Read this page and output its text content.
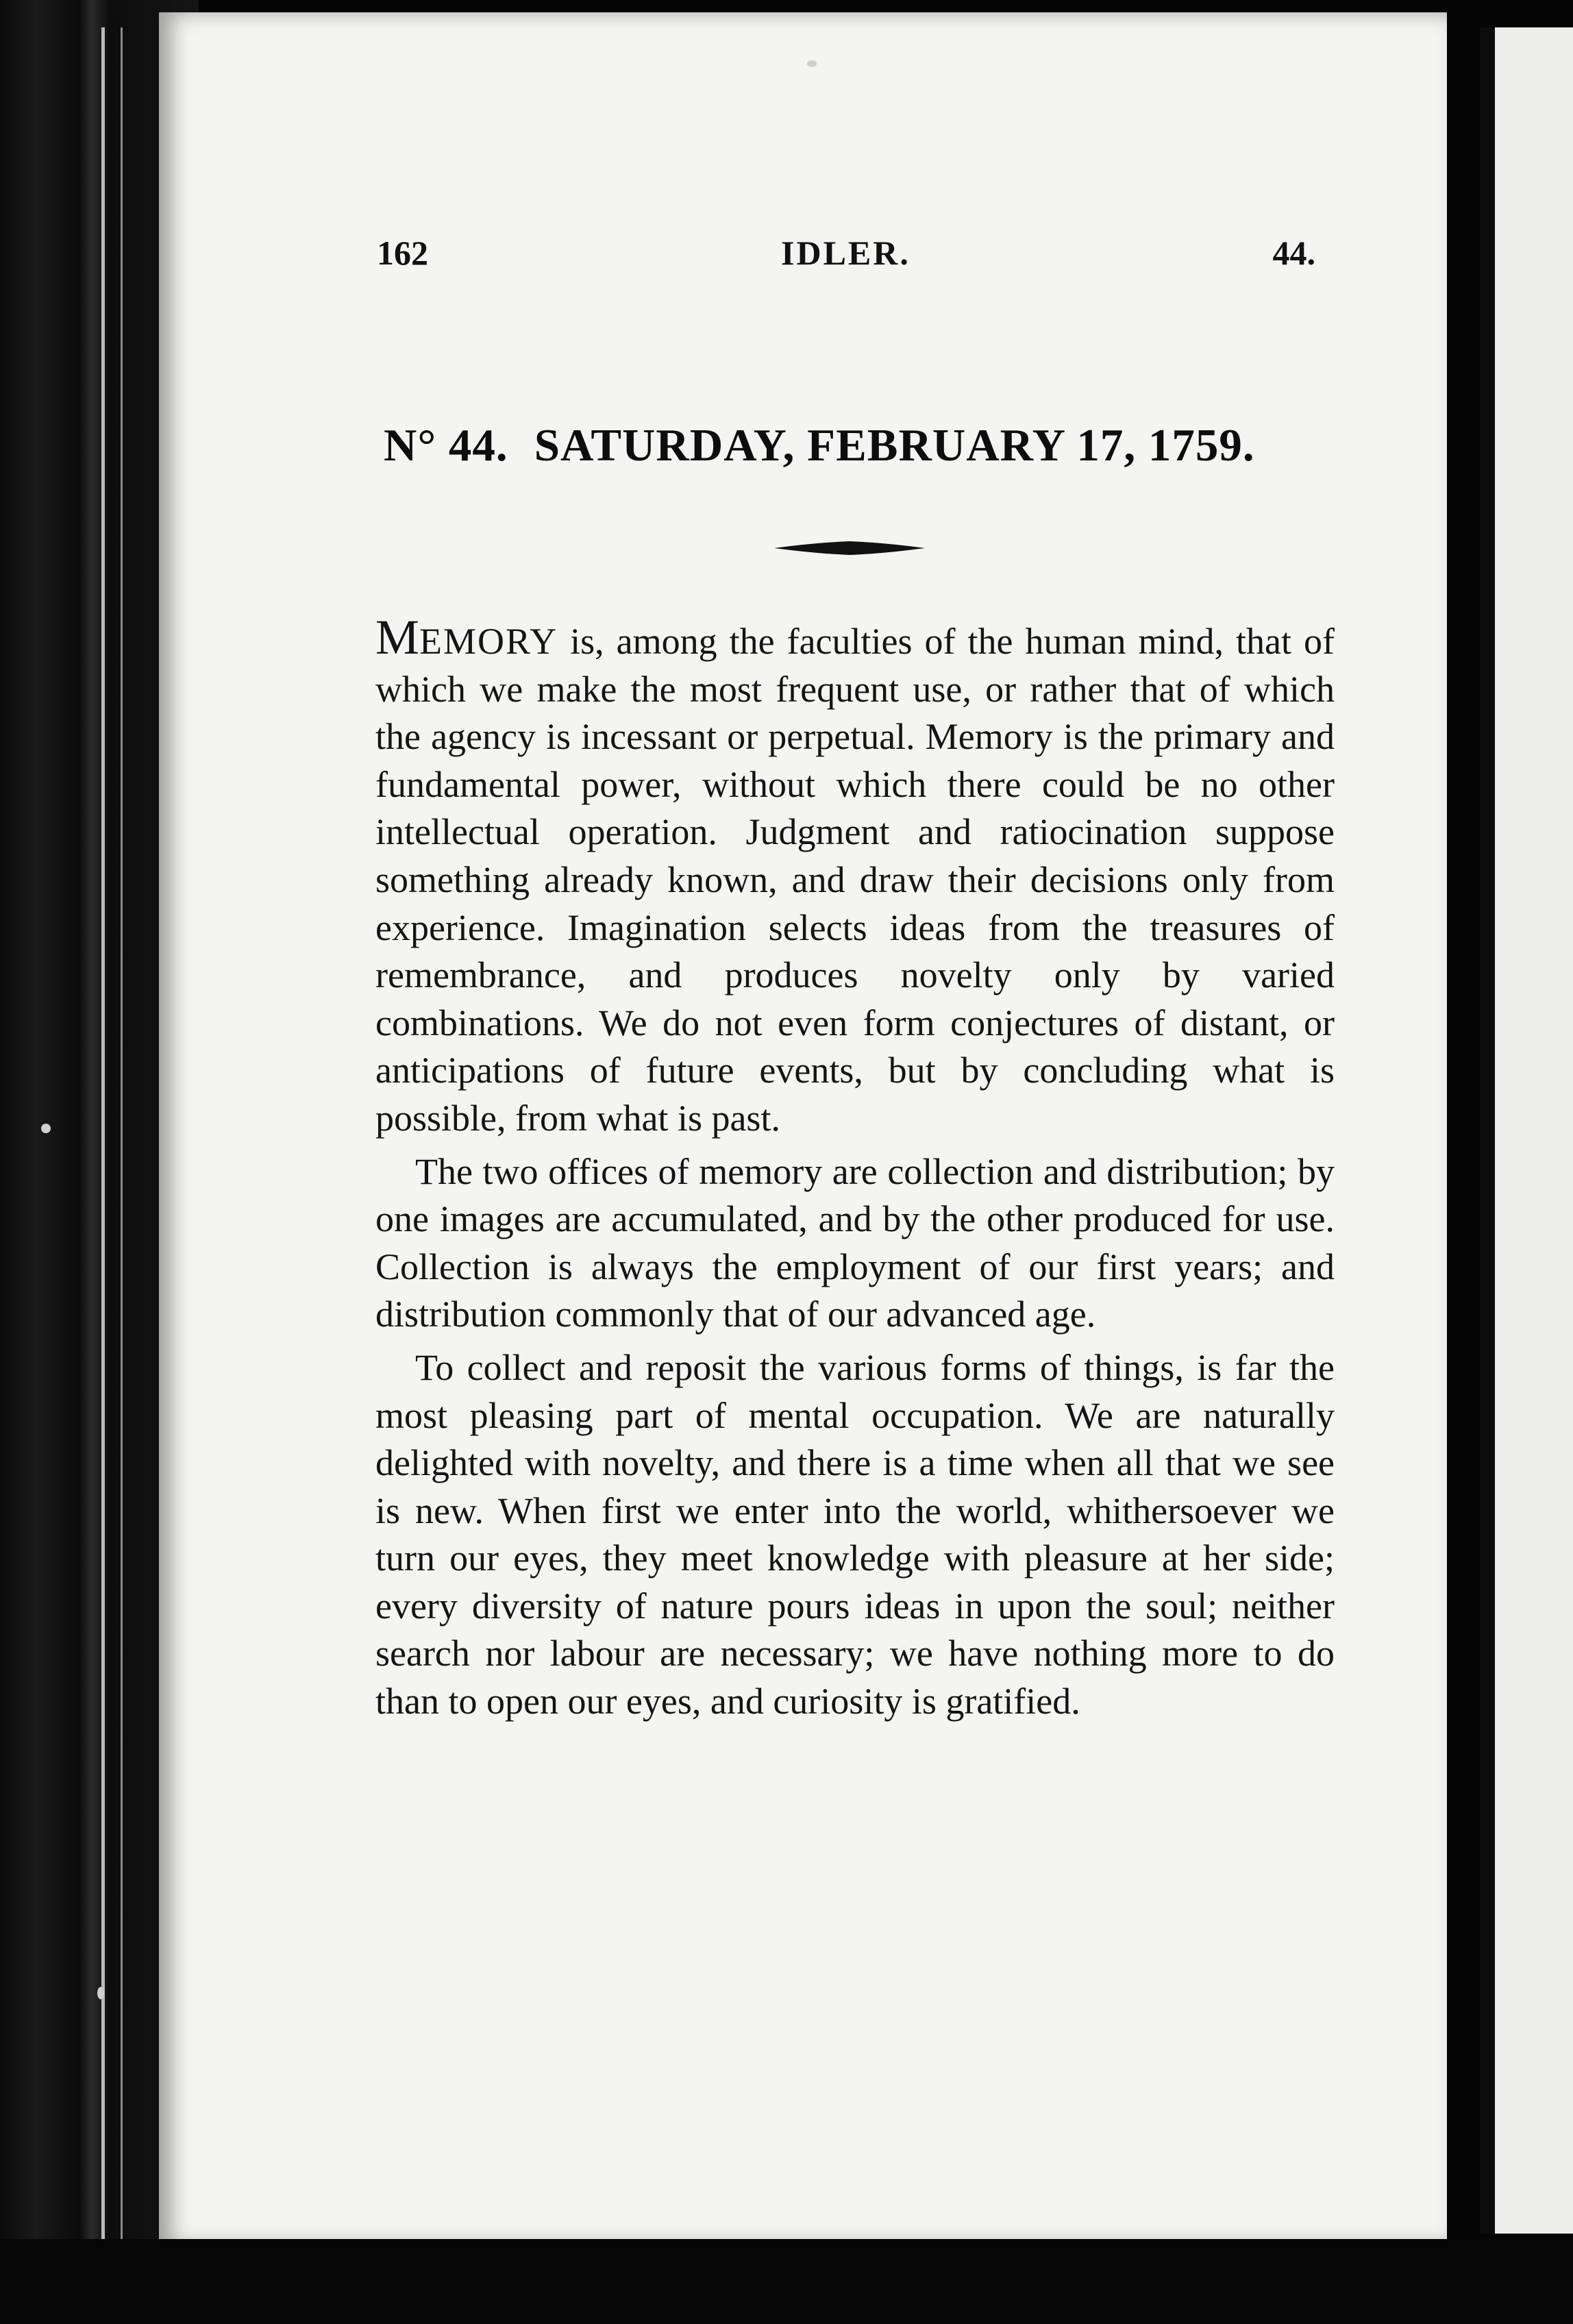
162	IDLER.	44.
N° 44. SATURDAY, FEBRUARY 17, 1759.

MEMORY is, among the faculties of the human mind, that of which we make the most frequent use, or rather that of which the agency is incessant or perpetual. Memory is the primary and fundamental power, without which there could be no other intellectual operation. Judgment and ratiocination suppose something already known, and draw their decisions only from experience. Imagination selects ideas from the treasures of remembrance, and produces novelty only by varied combinations. We do not even form conjectures of distant, or anticipations of future events, but by concluding what is possible, from what is past.

The two offices of memory are collection and distribution; by one images are accumulated, and by the other produced for use. Collection is always the employment of our first years; and distribution commonly that of our advanced age.

To collect and reposit the various forms of things, is far the most pleasing part of mental occupation. We are naturally delighted with novelty, and there is a time when all that we see is new. When first we enter into the world, whithersoever we turn our eyes, they meet knowledge with pleasure at her side; every diversity of nature pours ideas in upon the soul; neither search nor labour are necessary; we have nothing more to do than to open our eyes, and curiosity is gratified.
